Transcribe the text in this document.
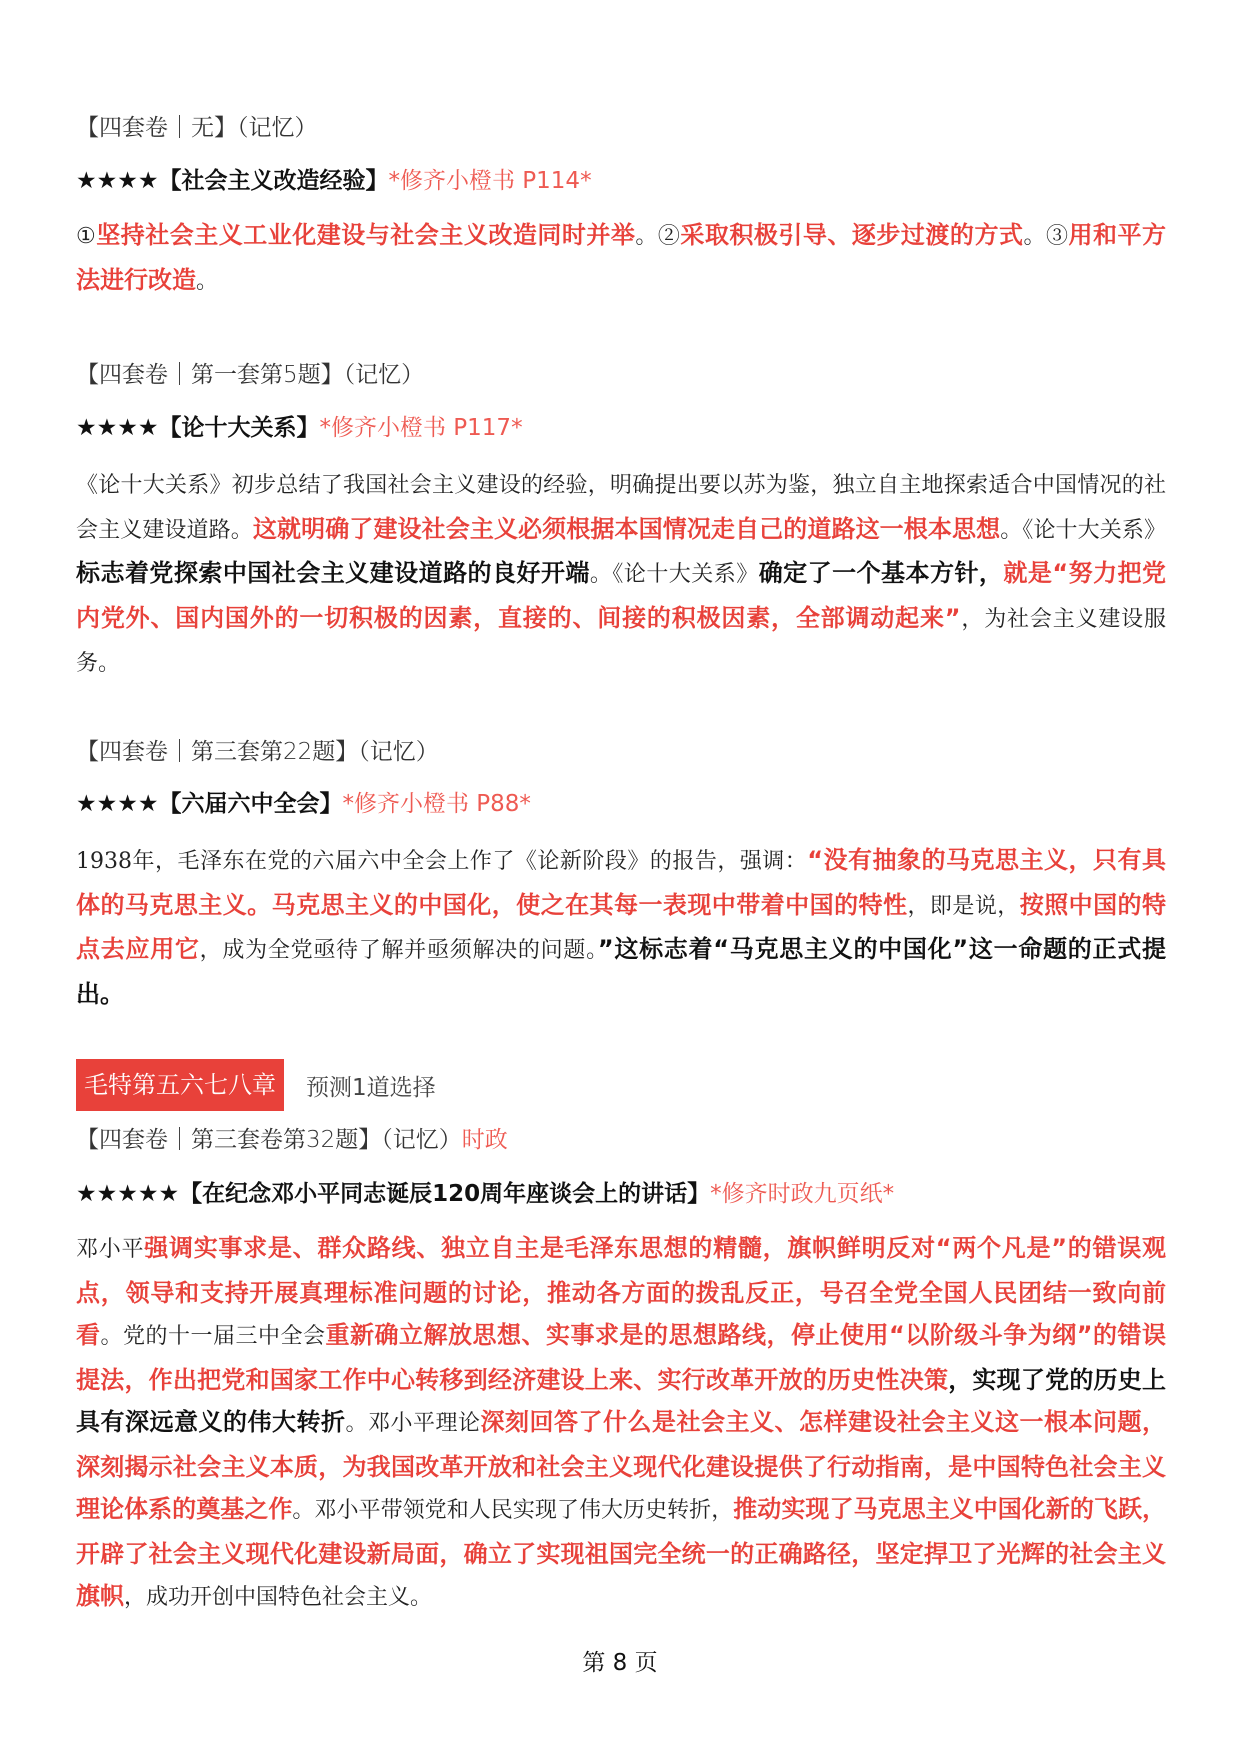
【四套卷｜无】（记忆）
★★★★【社会主义改造经验】*修齐小橙书 P114*
①坚持社会主义工业化建设与社会主义改造同时并举。②采取积极引导、逐步过渡的方式。③用和平方法进行改造。
【四套卷｜第一套第5题】（记忆）
★★★★【论十大关系】*修齐小橙书 P117*
《论十大关系》初步总结了我国社会主义建设的经验，明确提出要以苏为鉴，独立自主地探索适合中国情况的社会主义建设道路。这就明确了建设社会主义必须根据本国情况走自己的道路这一根本思想。《论十大关系》标志着党探索中国社会主义建设道路的良好开端。《论十大关系》确定了一个基本方针，就是“努力把党内党外、国内国外的一切积极的因素，直接的、间接的积极因素，全部调动起来”，为社会主义建设服务。
【四套卷｜第三套第22题】（记忆）
★★★★【六届六中全会】*修齐小橙书 P88*
1938年，毛泽东在党的六届六中全会上作了《论新阶段》的报告，强调：“没有抽象的马克思主义，只有具体的马克思主义。马克思主义的中国化，使之在其每一表现中带着中国的特性，即是说，按照中国的特点去应用它，成为全党亟待了解并亟须解决的问题。”这标志着“马克思主义的中国化”这一命题的正式提出。
毛特第五六七八章	预测1道选择
【四套卷｜第三套卷第32题】（记忆）时政
★★★★★【在纪念邓小平同志诞辰120周年座谈会上的讲话】*修齐时政九页纸*
邓小平强调实事求是、群众路线、独立自主是毛泽东思想的精髓，旗帜鲜明反对“两个凡是”的错误观点，领导和支持开展真理标准问题的讨论，推动各方面的拨乱反正，号召全党全国人民团结一致向前看。党的十一届三中全会重新确立解放思想、实事求是的思想路线，停止使用“以阶级斗争为纲”的错误提法，作出把党和国家工作中心转移到经济建设上来、实行改革开放的历史性决策，实现了党的历史上具有深远意义的伟大转折。邓小平理论深刻回答了什么是社会主义、怎样建设社会主义这一根本问题，深刻揭示社会主义本质，为我国改革开放和社会主义现代化建设提供了行动指南，是中国特色社会主义理论体系的奠基之作。邓小平带领党和人民实现了伟大历史转折，推动实现了马克思主义中国化新的飞跃，开辟了社会主义现代化建设新局面，确立了实现祖国完全统一的正确路径，坚定捍卫了光辉的社会主义旗帜，成功开创中国特色社会主义。
第 8 页
